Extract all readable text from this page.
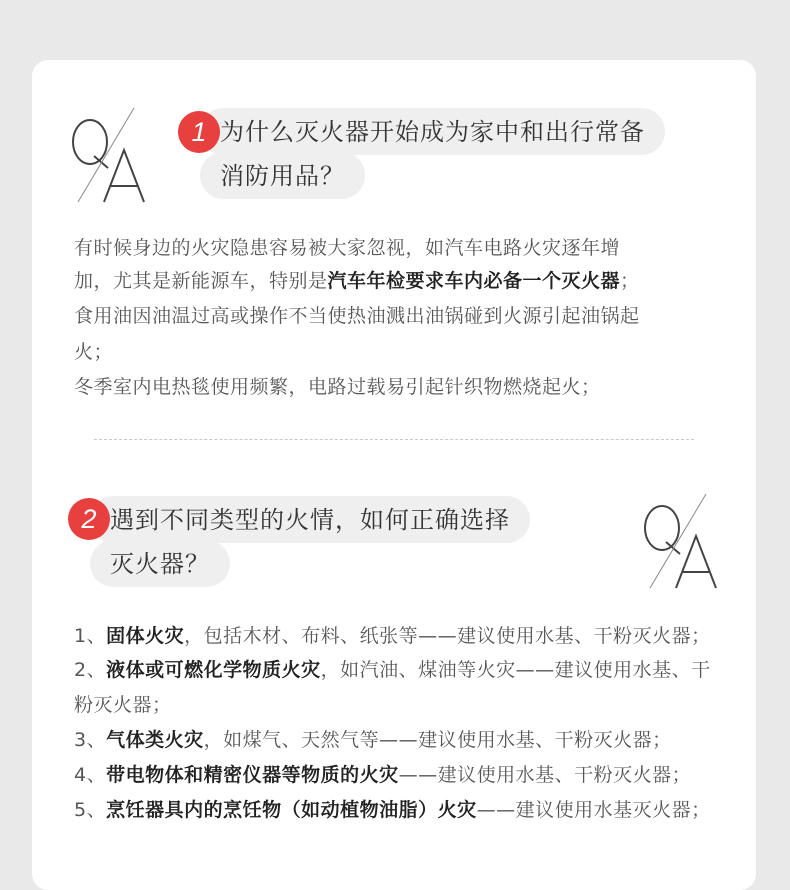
为什么灭火器开始成为家中和出行常备
消防用品？
1
有时候身边的火灾隐患容易被大家忽视，如汽车电路火灾逐年增
加，尤其是新能源车，特别是汽车年检要求车内必备一个灭火器；
食用油因油温过高或操作不当使热油溅出油锅碰到火源引起油锅起
火；
冬季室内电热毯使用频繁，电路过载易引起针织物燃烧起火；
遇到不同类型的火情，如何正确选择
灭火器？
2
1、固体火灾，包括木材、布料、纸张等——建议使用水基、干粉灭火器；
2、液体或可燃化学物质火灾，如汽油、煤油等火灾——建议使用水基、干
粉灭火器；
3、气体类火灾，如煤气、天然气等——建议使用水基、干粉灭火器；
4、带电物体和精密仪器等物质的火灾——建议使用水基、干粉灭火器；
5、烹饪器具内的烹饪物（如动植物油脂）火灾——建议使用水基灭火器；
